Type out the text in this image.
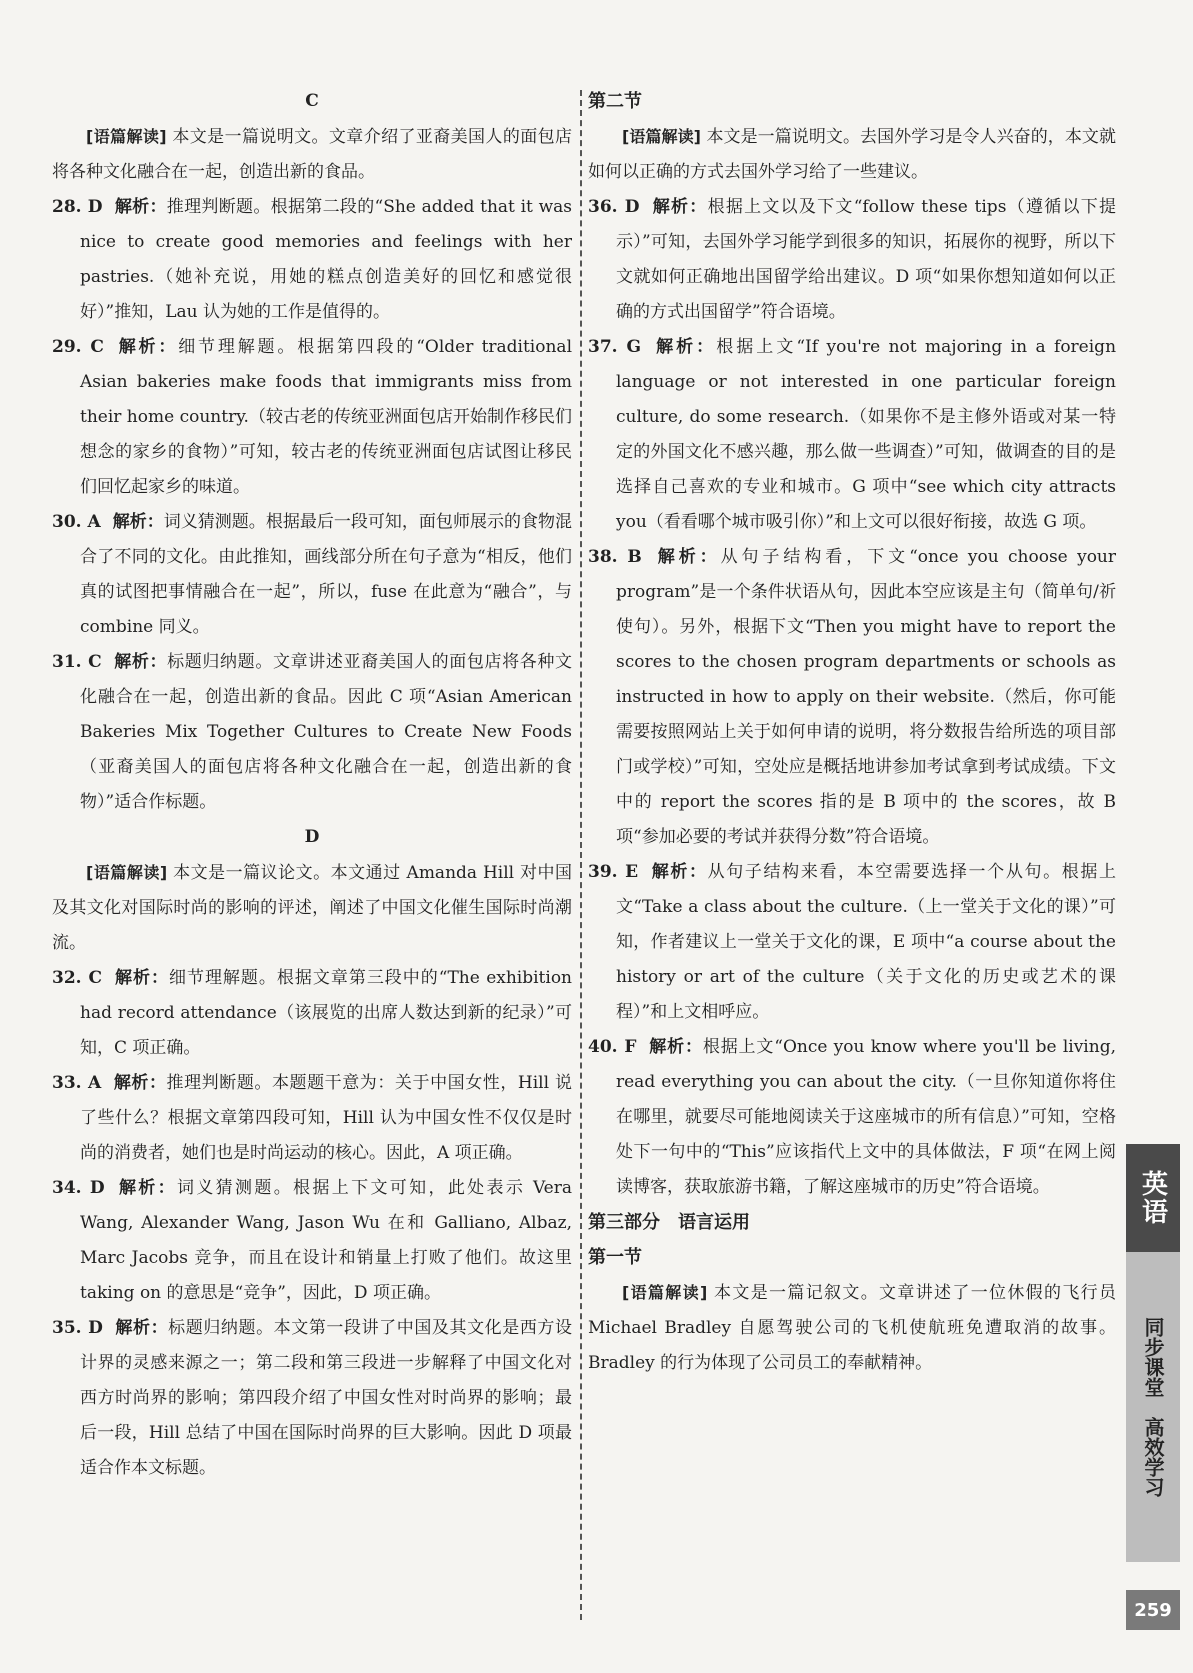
C

[语篇解读] 本文是一篇说明文。文章介绍了亚裔美国人的面包店将各种文化融合在一起，创造出新的食品。

28. D 解析：推理判断题。根据第二段的“She added that it was nice to create good memories and feelings with her pastries.（她补充说，用她的糕点创造美好的回忆和感觉很好）”推知，Lau 认为她的工作是值得的。

29. C 解析：细节理解题。根据第四段的“Older traditional Asian bakeries make foods that immigrants miss from their home country.（较古老的传统亚洲面包店开始制作移民们想念的家乡的食物）”可知，较古老的传统亚洲面包店试图让移民们回忆起家乡的味道。

30. A 解析：词义猜测题。根据最后一段可知，面包师展示的食物混合了不同的文化。由此推知，画线部分所在句子意为“相反，他们真的试图把事情融合在一起”，所以，fuse 在此意为“融合”，与 combine 同义。

31. C 解析：标题归纳题。文章讲述亚裔美国人的面包店将各种文化融合在一起，创造出新的食品。因此 C 项“Asian American Bakeries Mix Together Cultures to Create New Foods（亚裔美国人的面包店将各种文化融合在一起，创造出新的食物）”适合作标题。

D

[语篇解读] 本文是一篇议论文。本文通过 Amanda Hill 对中国及其文化对国际时尚的影响的评述，阐述了中国文化催生国际时尚潮流。

32. C 解析：细节理解题。根据文章第三段中的“The exhibition had record attendance（该展览的出席人数达到新的纪录）”可知，C 项正确。

33. A 解析：推理判断题。本题题干意为：关于中国女性，Hill 说了些什么？根据文章第四段可知，Hill 认为中国女性不仅仅是时尚的消费者，她们也是时尚运动的核心。因此，A 项正确。

34. D 解析：词义猜测题。根据上下文可知，此处表示 Vera Wang, Alexander Wang, Jason Wu 在和 Galliano, Albaz, Marc Jacobs 竞争，而且在设计和销量上打败了他们。故这里 taking on 的意思是“竞争”，因此，D 项正确。

35. D 解析：标题归纳题。本文第一段讲了中国及其文化是西方设计界的灵感来源之一；第二段和第三段进一步解释了中国文化对西方时尚界的影响；第四段介绍了中国女性对时尚界的影响；最后一段，Hill 总结了中国在国际时尚界的巨大影响。因此 D 项最适合作本文标题。

第二节

[语篇解读] 本文是一篇说明文。去国外学习是令人兴奋的，本文就如何以正确的方式去国外学习给了一些建议。

36. D 解析：根据上文以及下文“follow these tips（遵循以下提示）”可知，去国外学习能学到很多的知识，拓展你的视野，所以下文就如何正确地出国留学给出建议。D 项“如果你想知道如何以正确的方式出国留学”符合语境。

37. G 解析：根据上文“If you're not majoring in a foreign language or not interested in one particular foreign culture, do some research.（如果你不是主修外语或对某一特定的外国文化不感兴趣，那么做一些调查）”可知，做调查的目的是选择自己喜欢的专业和城市。G 项中“see which city attracts you（看看哪个城市吸引你）”和上文可以很好衔接，故选 G 项。

38. B 解析：从句子结构看，下文“once you choose your program”是一个条件状语从句，因此本空应该是主句（简单句/祈使句）。另外，根据下文“Then you might have to report the scores to the chosen program departments or schools as instructed in how to apply on their website.（然后，你可能需要按照网站上关于如何申请的说明，将分数报告给所选的项目部门或学校）”可知，空处应是概括地讲参加考试拿到考试成绩。下文中的 report the scores 指的是 B 项中的 the scores，故 B 项“参加必要的考试并获得分数”符合语境。

39. E 解析：从句子结构来看，本空需要选择一个从句。根据上文“Take a class about the culture.（上一堂关于文化的课）”可知，作者建议上一堂关于文化的课，E 项中“a course about the history or art of the culture（关于文化的历史或艺术的课程）”和上文相呼应。

40. F 解析：根据上文“Once you know where you'll be living, read everything you can about the city.（一旦你知道你将住在哪里，就要尽可能地阅读关于这座城市的所有信息）”可知，空格处下一句中的“This”应该指代上文中的具体做法，F 项“在网上阅读博客，获取旅游书籍，了解这座城市的历史”符合语境。

第三部分　语言运用

第一节

[语篇解读] 本文是一篇记叙文。文章讲述了一位休假的飞行员 Michael Bradley 自愿驾驶公司的飞机使航班免遭取消的故事。Bradley 的行为体现了公司员工的奉献精神。

英语
同步课堂　高效学习
259
